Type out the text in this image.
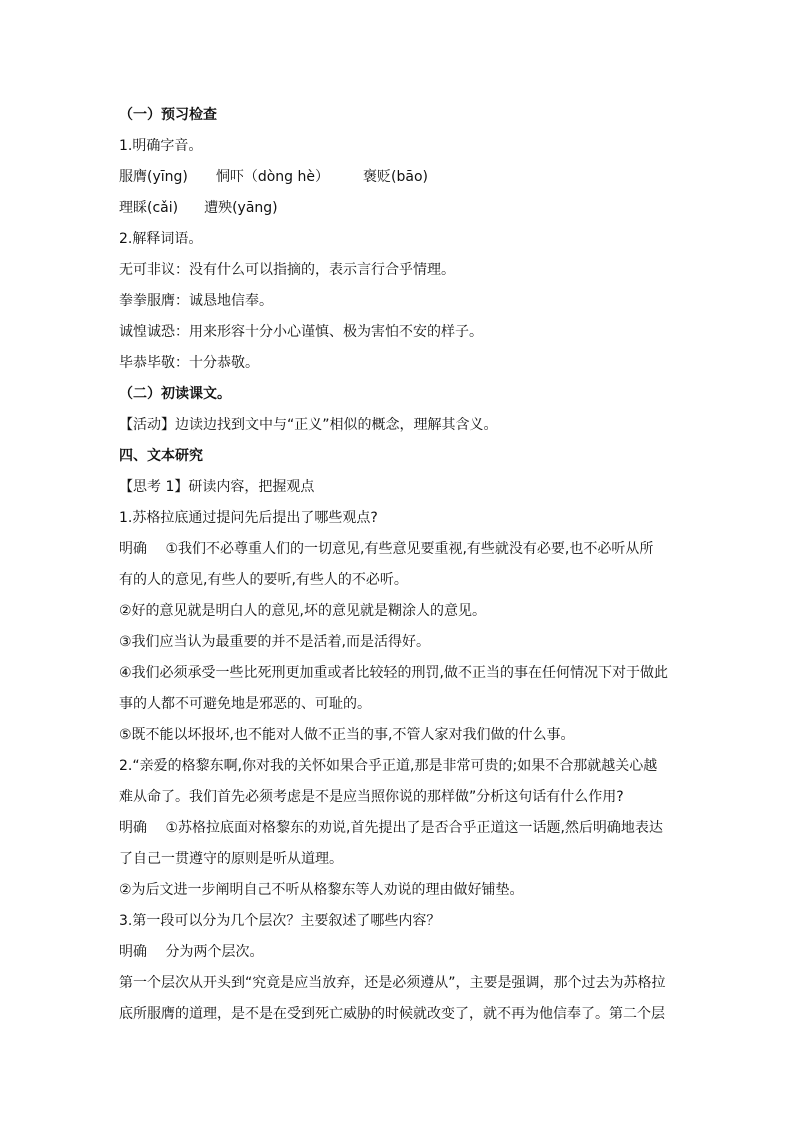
（一）预习检查

1.明确字音。

服膺(yīng) 恫吓（dòng hè） 褒贬(bāo)

理睬(cǎi) 遭殃(yāng)

2.解释词语。

无可非议：没有什么可以指摘的，表示言行合乎情理。

拳拳服膺：诚恳地信奉。

诚惶诚恐：用来形容十分小心谨慎、极为害怕不安的样子。

毕恭毕敬：十分恭敬。

（二）初读课文。

【活动】边读边找到文中与“正义”相似的概念，理解其含义。

四、文本研究

【思考 1】研读内容，把握观点

1.苏格拉底通过提问先后提出了哪些观点?

明确　 ①我们不必尊重人们的一切意见,有些意见要重视,有些就没有必要,也不必听从所

有的人的意见,有些人的要听,有些人的不必听。

②好的意见就是明白人的意见,坏的意见就是糊涂人的意见。

③我们应当认为最重要的并不是活着,而是活得好。

④我们必须承受一些比死刑更加重或者比较轻的刑罚,做不正当的事在任何情况下对于做此

事的人都不可避免地是邪恶的、可耻的。

⑤既不能以坏报坏,也不能对人做不正当的事,不管人家对我们做的什么事。

2.“亲爱的格黎东啊,你对我的关怀如果合乎正道,那是非常可贵的;如果不合那就越关心越

难从命了。我们首先必须考虑是不是应当照你说的那样做”分析这句话有什么作用?

明确　 ①苏格拉底面对格黎东的劝说,首先提出了是否合乎正道这一话题,然后明确地表达

了自己一贯遵守的原则是听从道理。

②为后文进一步阐明自己不听从格黎东等人劝说的理由做好铺垫。

3.第一段可以分为几个层次？主要叙述了哪些内容？

明确　 分为两个层次。

第一个层次从开头到“究竟是应当放弃，还是必须遵从”，主要是强调，那个过去为苏格拉

底所服膺的道理，是不是在受到死亡威胁的时候就改变了，就不再为他信奉了。第二个层
